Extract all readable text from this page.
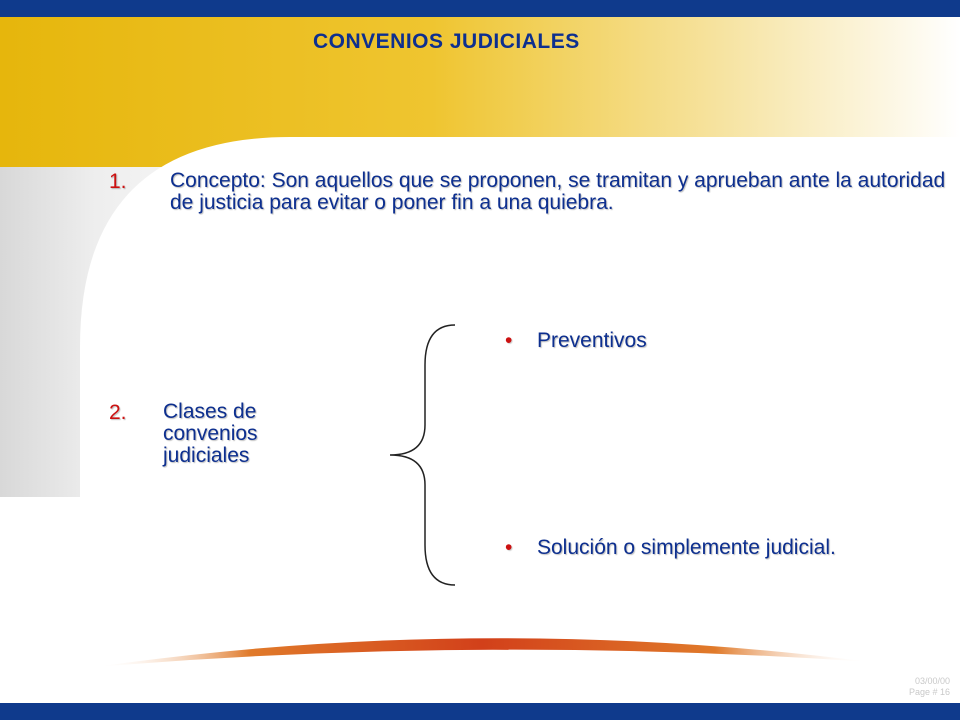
CONVENIOS JUDICIALES
1. Concepto: Son aquellos que se proponen, se tramitan y aprueban ante la autoridad de justicia para evitar o poner fin a una quiebra.
2. Clases de convenios judiciales
• Preventivos
• Solución o simplemente judicial.
03/00/00
Page # 16
